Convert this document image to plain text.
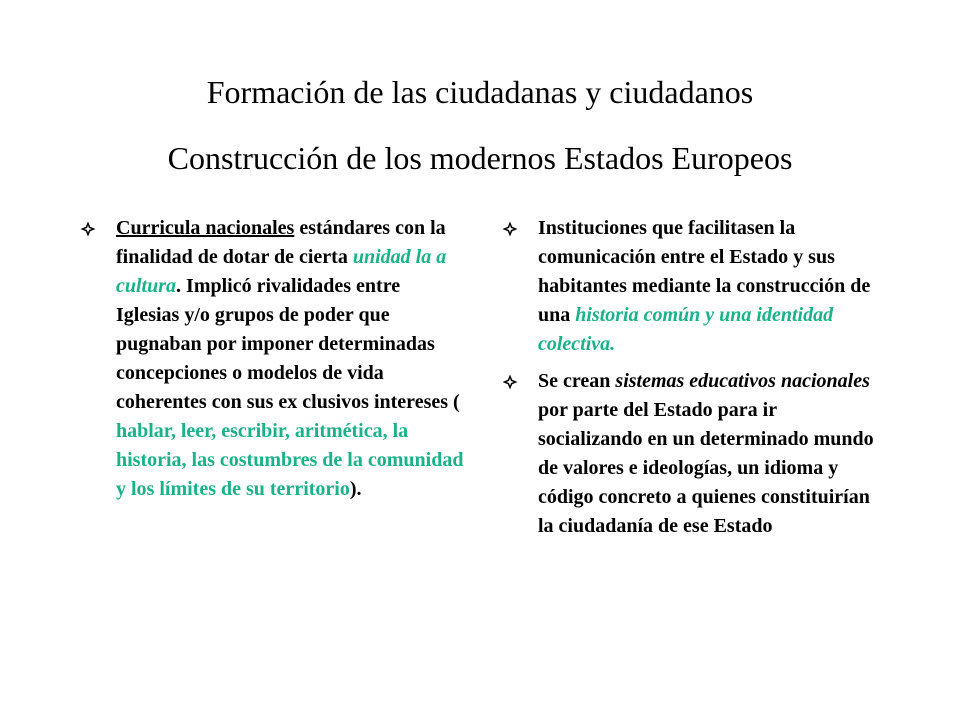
Formación de las ciudadanas y ciudadanos
Construcción de los modernos Estados Europeos

Curricula nacionales estándares con la finalidad de dotar de cierta unidad la a cultura. Implicó rivalidades entre Iglesias y/o grupos de poder que pugnaban por imponer determinadas concepciones o modelos de vida coherentes con sus ex clusivos intereses ( hablar, leer, escribir, aritmética, la historia, las costumbres de la comunidad y los límites de su territorio).

Instituciones que facilitasen la comunicación entre el Estado y sus habitantes mediante la construcción de una historia común y una identidad colectiva.

Se crean sistemas educativos nacionales por parte del Estado para ir socializando en un determinado mundo de valores e ideologías, un idioma y código concreto a quienes constituirían la ciudadanía de ese Estado
